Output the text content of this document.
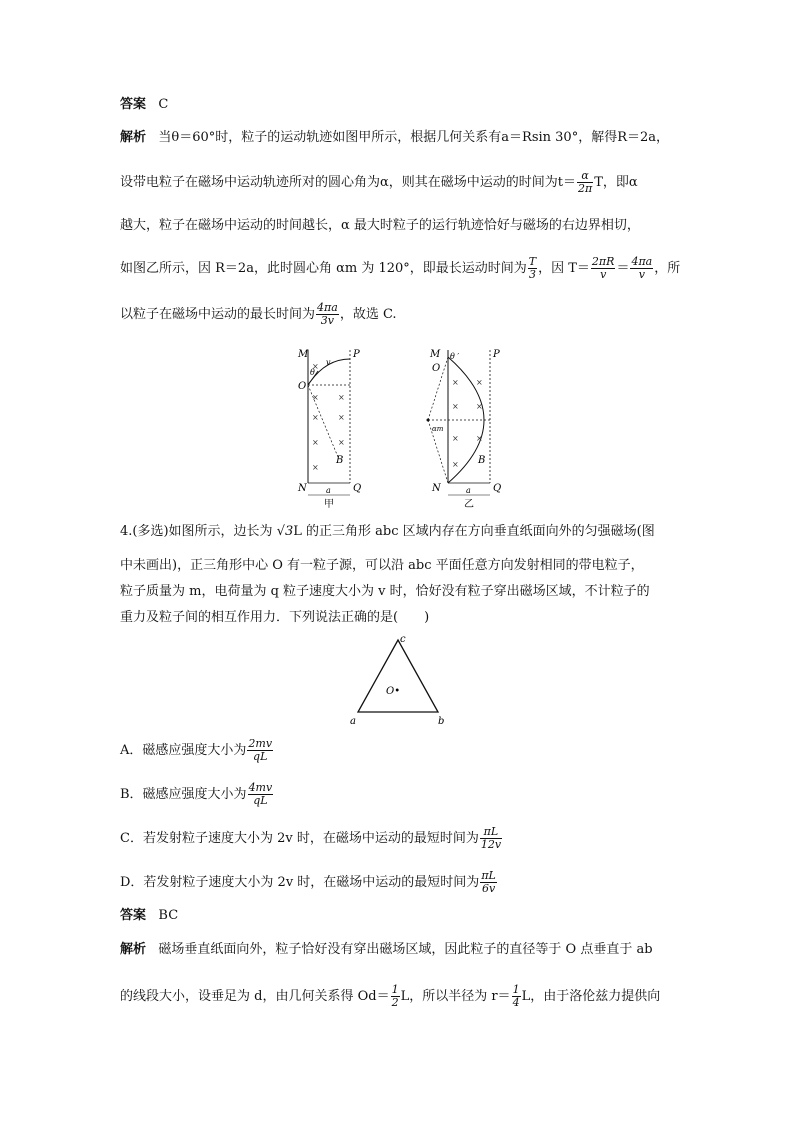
答案 C
解析 当θ＝60°时，粒子的运动轨迹如图甲所示，根据几何关系有a＝Rsin 30°，解得R＝2a，
设带电粒子在磁场中运动轨迹所对的圆心角为α，则其在磁场中运动的时间为$t= \frac{\alpha}{2\pi}$ T，即α
越大，粒子在磁场中运动的时间越长，α 最大时粒子的运行轨迹恰好与磁场的右边界相切，
如图乙所示，因 R＝2a，此时圆心角 αm 为 120°，即最长运动时间为 $\frac{T}{3}$ ，因 $T= \frac{2\pi R}{v} = \frac{4\pi a}{v}$ ，所
以粒子在磁场中运动的最长时间为 $\frac{4\pi a}{3v}$ ，故选 C.
M	P
O
N	Q
B
a
θ
v
甲
×
× ×
× ×
× ×
×
M	P
O
N	Q
B
a
θ ′
αm
乙
× ×
× ×
× ×
×
4.(多选)如图所示，边长为 √3L 的正三角形 abc 区域内存在方向垂直纸面向外的匀强磁场(图
中未画出)，正三角形中心 O 有一粒子源，可以沿 abc 平面任意方向发射相同的带电粒子，
粒子质量为 m，电荷量为 q 粒子速度大小为 v 时，恰好没有粒子穿出磁场区域，不计粒子的
重力及粒子间的相互作用力．下列说法正确的是(　　)
a	b
c
O•
A．磁感应强度大小为 $\frac{2mv}{qL}$
B．磁感应强度大小为 $\frac{4mv}{qL}$
C．若发射粒子速度大小为 2v 时，在磁场中运动的最短时间为 $\frac{\pi L}{12v}$
D．若发射粒子速度大小为 2v 时，在磁场中运动的最短时间为 $\frac{\pi L}{6v}$
答案 BC
解析 磁场垂直纸面向外，粒子恰好没有穿出磁场区域，因此粒子的直径等于 O 点垂直于 ab
的线段大小，设垂足为 d，由几何关系得 $Od= \frac{1}{2}$ L，所以半径为 $r= \frac{1}{4}$ L，由于洛伦兹力提供向
